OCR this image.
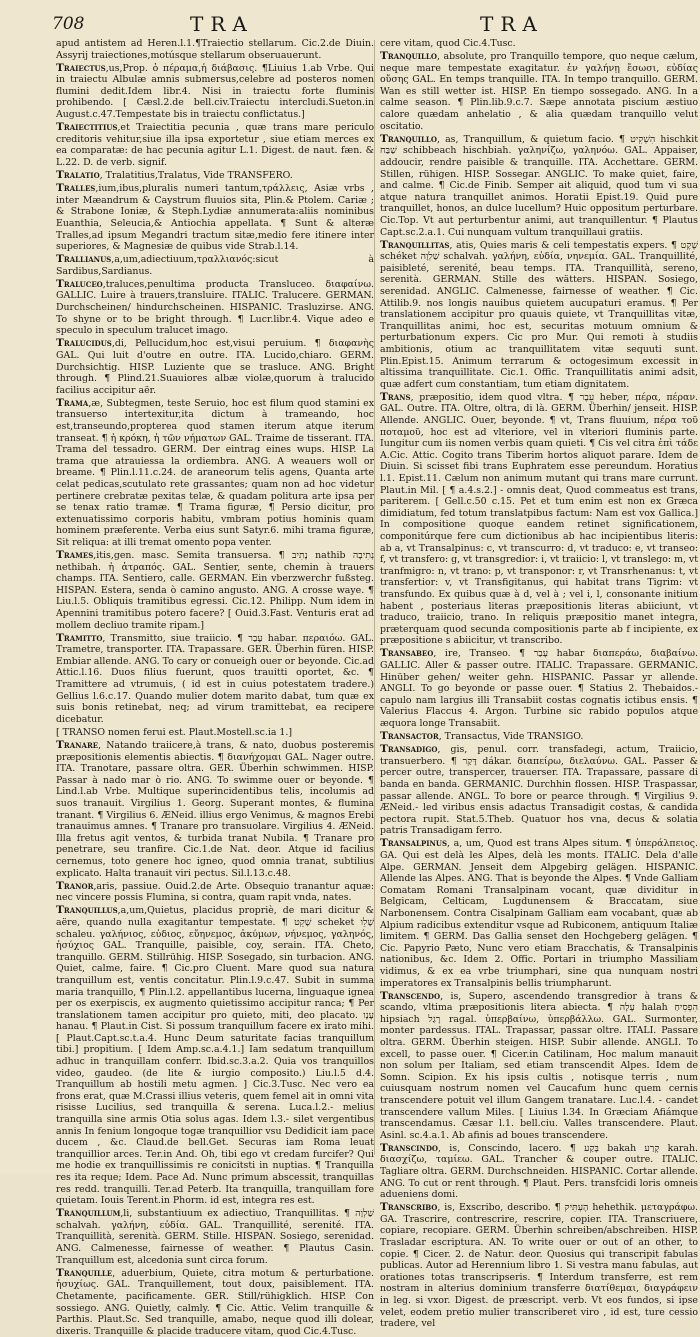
708	TRA	TRA

apud antistem ad Heren.l.1.¶Traiectio stellarum. Cic.2.de Diuin. Assyrij traiectiones,motúsque stellarum obseruauerunt.

Traiectus,us,Prop. ὁ πέραμα,ἡ διάβασις. ¶Liuius 1.ab Vrbe. Qui in traiectu Albulæ amnis submersus,celebre ad posteros nomen flumini dedit.Idem libr.4. Nisi in traiectu forte fluminis prohibendo. [ Cæsl.2.de bell.civ.Traiectu intercludi.Sueton.in August.c.47.Tempestate bis in traiectu conflictatus.]

Traiectitius,et Traiectitia pecunia , quæ trans mare periculo creditoris vehitur,siue illa ipsa exportetur , siue etiam merces ex ea comparatæ: de hac pecunia agitur L.1. Digest. de naut. fæn. & L.22. D. de verb. signif.

Tralatio, Tralatitius,Tralatus, Vide TRANSFERO.

Tralles,ium,ibus,pluralis numeri tantum,τράλλεις, Asiæ vrbs , inter Mæandrum & Caystrum fluuios sita, Plin.& Ptolem. Cariæ ; & Strabone Ioniæ, & Steph.Lydiæ annumerata:aliis nominibus Euanthia, Seleucia,& Antiochia appellata. ¶ Sunt & alteræ Tralles,ad ipsum Megandri tractum sitæ,medio fere itinere inter superiores, & Magnesiæ de quibus vide Strab.l.14.

Trallianus,a,um,adiectiuum,τραλλιανός:sicut à Sardibus,Sardianus.

Traluceo,traluces,penultima producta Transluceo. διαφαίνω. GALLIC. Luire à trauers,transluire. ITALIC. Tralucere. GERMAN. Durchscheinen/ hindurchscheinen. HISPANIC. Trasluzirse. ANG. To shyne or to be bright through. ¶ Lucr.libr.4. Vique adeo e speculo in speculum tralucet imago.

Tralucidus,di, Pellucidum,hoc est,visui peruium. ¶ διαφανὴς GAL. Qui luit d'outre en outre. ITA. Lucido,chiaro. GERM. Durchsichtig. HISP. Luziente que se trasluce. ANG. Bright through. ¶ Plind.21.Suauiores albæ violæ,quorum à tralucido facilius accipitur aër.

Trama,æ, Subtegmen, teste Seruio, hoc est filum quod stamini ex transuerso intertexitur,ita dictum à trameando, hoc est,transeundo,propterea quod stamen iterum atque iterum transeat. ¶ ἡ κρόκη, ἡ τῶν νήματων GAL. Traime de tisserant. ITA. Trama del tessadro. GERM. Der eintrag eines wups. HISP. La trama que atrauiessa la ordiembra. ANG. A weauers woll or breame. ¶ Plin.l.11.c.24. de araneorum telis agens, Quanta arte celat pedicas,scutulato rete grassantes; quam non ad hoc videtur pertinere crebratæ pexitas telæ, & quadam politura arte ipsa per se tenax ratio tramæ. ¶ Trama figuræ, ¶ Persio dicitur, pro extenuatissimo corporis habitu, vmbram potius hominis quam hominem præferente. Verba eius sunt Satyr.6. mihi trama figuræ, Sit reliqua: at illi tremat omento popa venter.

Trames,itis,gen. masc. Semita transuersa. ¶ נָתִיב nathib נְתִיבָה nethibah. ἡ ἀτραπός. GAL. Sentier, sente, chemin à trauers champs. ITA. Sentiero, calle. GERMAN. Ein vberzwerchr fußsteg. HISPAN. Estera, senda ò camino angusto. ANG. A crosse waye. ¶ Liu.l.5. Obliquis tramitibus egressi. Cic.12. Philipp. Num idem in Apennini tramitibus potero facere? [ Ouid.3.Fast. Venturis erat ad mollem decliuo tramite ripam.]

Tramitto, Transmitto, siue traiicio. ¶ עָבַר habar. περαιόω. GAL. Trametre, transporter. ITA. Trapassare. GER. Überhin füren. HISP. Embiar allende. ANG. To cary or conueigh ouer or beyonde. Cic.ad Attic.l.16. Duos filius fuerunt, quos trauitti oportet, &c. ¶ Tramittere ad vtrumuis, ( id est in cuius potestatem tradere.) Gellius l.6.c.17. Quando mulier dotem marito dabat, tum quæ ex suis bonis retinebat, neq; ad virum tramittebat, ea recipere dicebatur.

[ TRANSO nomen ferui est. Plaut.Mostell.sc.ia 1.]

Tranare, Natando traiicere,à trans, & nato, duobus posteremis præpositionis elementis abiectis. ¶ διανήχομαι GAL. Nager outre. ITA. Tranotare, passare oltra. GER. Überhin schwimmen. HISP. Passar à nado mar ò rio. ANG. To swimme ouer or beyonde. ¶ Lind.l.ab Vrbe. Multique superincidentibus telis, incolumis ad suos tranauit. Virgilius 1. Georg. Superant montes, & flumina tranant. ¶ Virgilius 6. ÆNeid. illius ergo Venimus, & magnos Erebi tranauimus amnes. ¶ Tranare pro transuolare. Virgilius 4. ÆNeid. Illa fretus agit ventos, & turbida tranat Nubila. ¶ Tranare pro penetrare, seu tranfire. Cic.1.de Nat. deor. Atque id facilius cernemus, toto genere hoc igneo, quod omnia tranat, subtilius explicato. Halta tranauit viri pectus. Sil.l.13.c.48.

Tranor,aris, passiue. Ouid.2.de Arte. Obsequio tranantur aquæ: nec vincere possis Flumina, si contra, quam rapit vnda, nates.

Tranquillus,a,um,Quietus, placidus propriè, de mari dicitur & aëre, quando nulla exagitantur tempestate. ¶ שָׁקֵט scheket שָׁלֵו schaleu. γαλήνιος, εὐδιος, εὔηνεμος, ἀκύμων, νήνεμος, γαληνός, ἡσύχιος GAL. Tranquille, paisible, coy, serain. ITA. Cheto, tranquillo. GERM. Stillrühig. HISP. Sosegado, sin turbacion. ANG. Quiet, calme, faire. ¶ Cic.pro Cluent. Mare quod sua natura tranquillum est, ventis concitatur. Plin.l.9.c.47. Subit in summa maria tranquillo, ¶ Plin.l.2. appellantibus lucerna, linguaque ignea per os exerpiscis, ex augmento quietissimo accipitur ranca; ¶ Per translationem tamen accipitur pro quieto, miti, deo placato. עָנָו hanau. ¶ Plaut.in Cist. Si possum tranquillum facere ex irato mihi. [ Plaut.Capt.sc.t.a.4. Hunc Deum saturitate facias tranquillum tibi.] propitium. [ Idem Amp.sc.a.4.1.] Iam sedatum tranquillum adhuc in tranquillam conferr. Ibid.sc.3.a.2. Quia vos tranquillos video, gaudeo. (de lite & iurgio composito.) Liu.l.5 d.4. Tranquillum ab hostili metu agmen. ] Cic.3.Tusc. Nec vero ea frons erat, quæ M.Crassi illius veteris, quem femel ait in omni vita risisse Lucilius, sed tranquilla & serena. Luca.l.2.- melius tranquilla sine armis Otia solus agas. Idem l.3.- silet vergentibus annis In fenium longoque togæ tranquillior vsu Dedidicit iam pace ducem , &c. Claud.de bell.Get. Securas iam Roma leuat tranquillior arces. Ter.in And. Oh, tibi ego vt credam furcifer? Qui me hodie ex tranquillissimis re conicitsti in nuptias. ¶ Tranquilla res ita reque; Idem. Pace Ad. Nunc primum abscessit, tranquillas res redd. tranquilli. Ter.ad Peterb. Ita tranquilla, tranquillam fore quietam. Iouis Terent.in Phorm. id est, integra res est.

Tranquillum,li, substantiuum ex adiectiuo, Tranquillitas. ¶ שַׁלְוָה schalvah. γαλήνη, εὐδία. GAL. Tranquillité, serenité. ITA. Tranquillità, serenità. GERM. Stille. HISPAN. Sosiego, serenidad. ANG. Calmenesse, fairnesse of weather. ¶ Plautus Casin. Tranquillum est, alcedonia sunt circa forum.

Tranquille, aduerbium, Quiete, citra motum & perturbatione. ἡσυχίως. GAL. Tranquillement, tout doux, paisiblement. ITA. Chetamente, pacificamente. GER. Still/rühigklich. HISP. Con sossiego. ANG. Quietly, calmly. ¶ Cic. Attic. Velim tranquille & Parthis. Plaut.Sc. Sed tranquille, amabo, neque quod illi dolear, dixeris. Tranquille & placide traducere vitam, quod Cic.4.Tusc.

cere vitam, quod Cic.4.Tusc.

Tranquillo, absolute, pro Tranquillo tempore, quo neque cælum, neque mare tempestate exagitatur. ἐν γαλήνῃ ἔσωσι, εὐδίας οὔσης GAL. En temps tranquille. ITA. In tempo tranquillo. GERM. Wan es still wetter ist. HISP. En tiempo sossegado. ANG. In a calme season. ¶ Plin.lib.9.c.7. Sæpe annotata piscium æstiuo calore quædam anhelatio , & alia quædam tranquillo velut oscitatio.

Tranquillo, as, Tranquillum, & quietum facio. ¶ הִשְׁקִיט hischkit שַׁבַּח schibbeach hischbiah. γαληνίζω, γαληνόω. GAL. Appaiser, addoucir, rendre paisible & tranquille. ITA. Acchettare. GERM. Stillen, rühigen. HISP. Sossegar. ANGLIC. To make quiet, faire, and calme. ¶ Cic.de Finib. Semper ait aliquid, quod tum vi sua atque natura tranquillet animos. Horatii Epist.19. Quid pure tranquillet, honos, an dulce lucellum? Huic oppositum perturbare. Cic.Top. Vt aut perturbentur animi, aut tranquillentur. ¶ Plautus Capt.sc.2.a.1. Cui nunquam vultum tranquillaui gratiis.

Tranquillitas, atis, Quies maris & celi tempestatis expers. ¶ שֶׁקֶט schéket שַׁלְוָה schalvah. γαλήνη, εὐδία, νηνεμία. GAL. Tranquillité, paisibleté, serenité, beau temps. ITA. Tranquillità, sereno, serenità. GERMAN. Stille des wätters. HISPAN. Sosiego, serenidad. ANGLIC. Calmenesse, fairnesse of weather. ¶ Cic. Attilib.9. nos longis nauibus quietem aucupaturi eramus. ¶ Per translationem accipitur pro quauis quiete, vt Tranquillitas vitæ, Tranquillitas animi, hoc est, securitas motuum omnium & perturbationum expers. Cic pro Mur. Qui remoti à studiis ambitionis, otium ac tranquillitatem vitæ sequuti sunt. Plin.Epist.15. Animum terrarum & octogesimum excessit in altissima tranquillitate. Cic.1. Offic. Tranquillitatis animi adsit, quæ adfert cum constantiam, tum etiam dignitatem.

Trans, præpositio, idem quod vltra. ¶ עֵבֶר heber, πέρα, πέραν. GAL. Outre. ITA. Oltre, oltra, di là. GERM. Überhin/ jenseit. HISP. Allende. ANGLIC. Ouer, beyonde. ¶ vt, Trans fluuium, πέρα τοῦ ποταμοῦ, hoc est ad vlteriore, vel in vlteriori fluminis parte. Iungitur cum iis nomen verbis quam quieti. ¶ Cis vel citra ἐπὶ τάδε A.Cic. Attic. Cogito trans Tiberim hortos aliquot parare. Idem de Diuin. Si scisset fibi trans Euphratem esse pereundum. Horatius l.1. Epist.11. Cælum non animum mutant qui trans mare currunt. Plaut.in Mil. [ ¶ a.4.s.2.] - omnis deat, Quod commeatus est trans, pariterem. [ Gell.c.50 c.15. Pet et tum enim est non ex Græca dimidiatum, fed totum translatpibus factum: Nam est vox Gallica.] In compositione quoque eandem retinet significationem, componitúrque fere cum dictionibus ab hac incipientibus literis: ab a, vt Transalpinus: c, vt transcurro: d, vt traduco: e, vt transeo: f, vt transfero: g, vt transgredior: i, vt traiicio: l, vt translego: m, vt tranfmigro: n, vt trano: p, vt transponor: r, vt Transrhenanus: t, vt transfertior: v, vt Transfigitanus, qui habitat trans Tigrim: vt transfundo. Ex quibus quæ à d, vel à ; vel i, l, consonante initium habent , posteriaus literas præpositionis literas abiiciunt, vt traduco, traiicio, trano. In reliquis præpositio manet integra, præterquam quod secunda compositionis parte ab f incipiente, ex præpositione s abiicitur, vt transcribo.

Transabeo, ire, Transeo. ¶ עָבַר habar διαπεράω, διαβαίνω. GALLIC. Aller & passer outre. ITALIC. Trapassare. GERMANIC. Hinüber gehen/ weiter gehn. HISPANIC. Passar yr allende. ANGLI. To go beyonde or passe ouer. ¶ Statius 2. Thebaidos.- capulo nam largius illi Transabiit costas cognatis ictibus ensis. ¶ Valerius Flaccus 4. Argon. Turbine sic rabido populos atque æquora longe Transabiit.

Transactor, Transactus, Vide TRANSIGO.

Transadigo, gis, penul. corr. transfadegi, actum, Traiicio, transuerbero. ¶ דָּקַר dákar. διαπείρω, διελαύνω. GAL. Passer & percer outre, transpercer, trauerser. ITA. Trapassare, passare di banda en banda. GERMANIC. Durchhin flossen. HISP. Traspassar, passar allende. ANGL. To bore or pearce through. ¶ Virgilius 9. ÆNeid.- led viribus ensis adactus Transadigit costas, & candida pectora rupit. Stat.5.Theb. Quatuor hos vna, decus & solatia patris Transadigam ferro.

Transalpinus, a, um, Quod est trans Alpes situm. ¶ ὑπεράλπειος. GA. Qui est delà les Alpes, delà les monts. ITALIC. Dela d'alle Alpe. GERMAN. Jenseit dem Alpgebirg gelägen. HISPANIC. Allende las Alpes. ANG. That is beyonde the Alpes. ¶ Vnde Galliam Comatam Romani Transalpinam vocant, quæ dividitur in Belgicam, Celticam, Lugdunensem & Braccatam, siue Narbonensem. Contra Cisalpinam Galliam eam vocabant, quæ ab Alpium radicibus extenditur vsque ad Rubiconem, antiquum Italiæ limitem. ¶ GERM. Das Gallia senset den Hochgeberg gelägen. ¶ Cic. Papyrio Pæto, Nunc vero etiam Bracchatis, & Transalpinis nationibus, &c. Idem 2. Offic. Portari in triumpho Massiliam vidimus, & ex ea vrbe triumphari, sine qua nunquam nostri imperatores ex Transalpinis bellis triumpharunt.

Transcendo, is, Supero, ascendendo transgredior à trans & scando, vltima præpositionis litera abiecta. ¶ עָלָה halah הִפְסִיחַ hipsiach רָגַל ragal. ὑπερβαίνω, ὑπερβάλλω. GAL. Surmonter, monter pardessus. ITAL. Trapassar, passar oltre. ITALI. Passare oltra. GERM. Überhin steigen. HISP. Subir allende. ANGLI. To excell, to passe ouer. ¶ Cicer.in Catilinam, Hoc malum manauit non solum per Italiam, sed etiam transcendit Alpes. Idem de Somn. Scipion. Ex his ipsis cultis , notisque terris , num cuiusquam nostrum nomen vel Caucafum hunc quem cernis transcendere potuit vel illum Gangem tranatare. Luc.l.4. - candet transcendere vallum Miles. [ Liuius l.34. In Græciam Afiámque transcendamus. Cæsar l.1. bell.ciu. Valles transcendere. Plaut. Asinl. sc.4.a.1. Ab afinis ad boues transcendere.

Transcindo, is, Conscindo, lacero. ¶ בָּקַע bakah קָרַע karah. διασχίζω, ταμίεω. GAL. Trancher & couper outre. ITALIC. Tagliare oltra. GERM. Durchschneiden. HISPANIC. Cortar allende. ANG. To cut or rent through. ¶ Plaut. Pers. transfcidi loris omneis adueniens domi.

Transcribo, is, Exscribo, describo. ¶ הֶעְתִּיק hehethik. μεταγράφω. GA. Trascrire, contrescrire, rescrire, copier. ITA. Transcriuere, copiare, recopiare. GERM. Überhin schreiben/abschreiben. HISP. Trasladar escriptura. AN. To write ouer or out of an other, to copie. ¶ Cicer. 2. de Natur. deor. Quosius qui transcripit fabulas publicas. Autor ad Herennium libro 1. Si vestra manu fabulas, aut orationes totas transcripseris. ¶ Interdum transferre, est rem nostram in alterius dominium transferre διατίθεμαι, διαγράφειν in leg. si vxor. Digest. de præscript. verb. Vt eos fundos, si ipse velet, eodem pretio mulier transcriberet viro , id est, ture cessio tradere, vel
